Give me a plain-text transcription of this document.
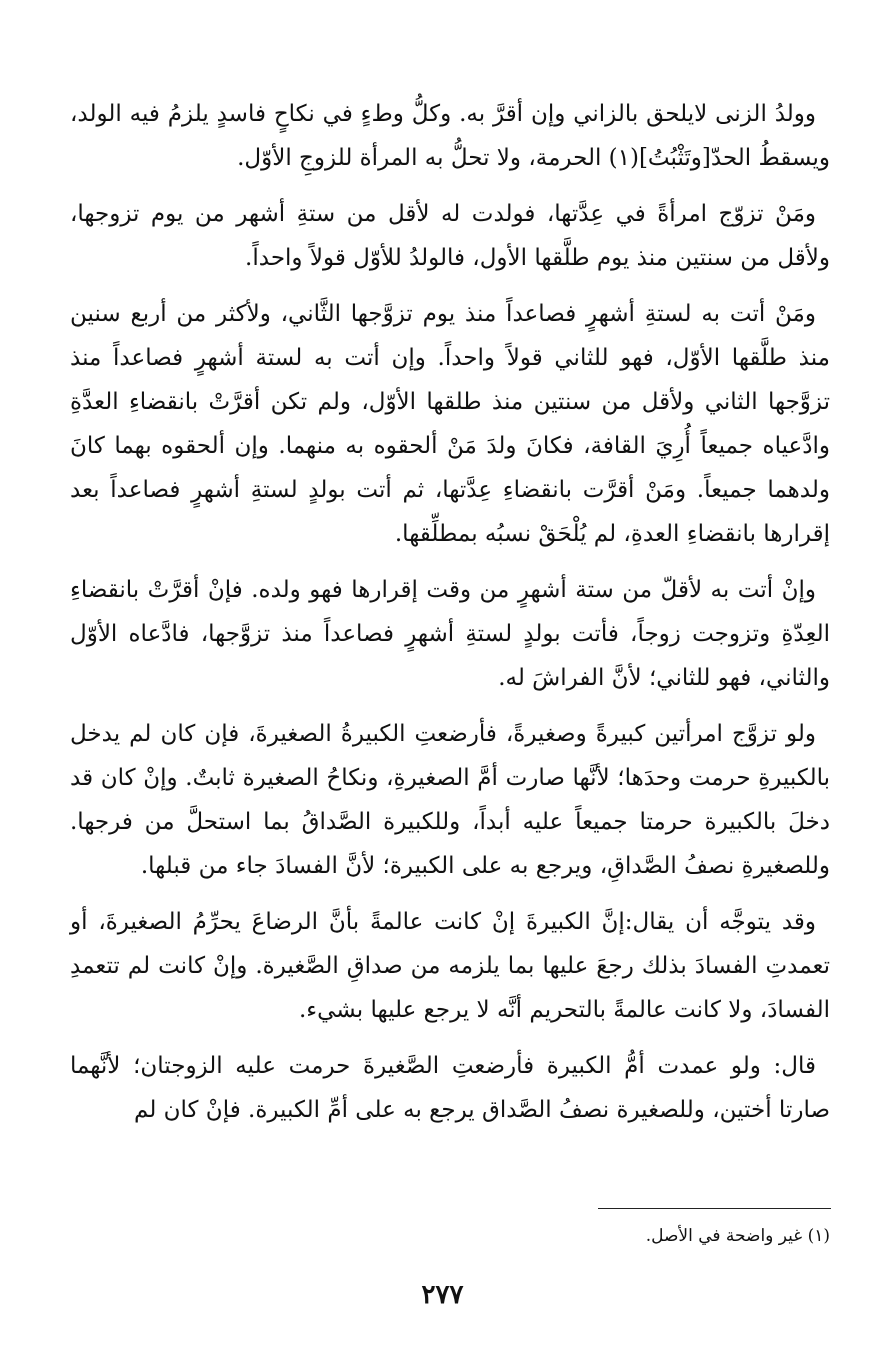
وولدُ الزنى لايلحق بالزاني وإن أقرَّ به. وكلُّ وطءٍ في نكاحٍ فاسدٍ يلزمُ فيه الولد، ويسقطُ الحدّ[وتَثْبُتُ](١) الحرمة، ولا تحلُّ به المرأة للزوجِ الأوّل.

ومَنْ تزوّج امرأةً في عِدَّتها، فولدت له لأقل من ستةِ أشهر من يوم تزوجها، ولأقل من سنتين منذ يوم طلَّقها الأول، فالولدُ للأوّل قولاً واحداً.

ومَنْ أتت به لستةِ أشهرٍ فصاعداً منذ يوم تزوَّجها الثَّاني، ولأكثر من أربع سنين منذ طلَّقها الأوّل، فهو للثاني قولاً واحداً. وإن أتت به لستة أشهرٍ فصاعداً منذ تزوَّجها الثاني ولأقل من سنتين منذ طلقها الأوّل، ولم تكن أقرَّتْ بانقضاءِ العدَّةِ وادَّعياه جميعاً أُرِيَ القافة، فكانَ ولدَ مَنْ ألحقوه به منهما. وإن ألحقوه بهما كانَ ولدهما جميعاً. ومَنْ أقرَّت بانقضاءِ عِدَّتها، ثم أتت بولدٍ لستةِ أشهرٍ فصاعداً بعد إقرارها بانقضاءِ العدةِ، لم يُلْحَقْ نسبُه بمطلِّقها.

وإنْ أتت به لأقلّ من ستة أشهرٍ من وقت إقرارها فهو ولده. فإنْ أقرَّتْ بانقضاءِ العِدّةِ وتزوجت زوجاً، فأتت بولدٍ لستةِ أشهرٍ فصاعداً منذ تزوَّجها، فادَّعاه الأوّل والثاني، فهو للثاني؛ لأنَّ الفراشَ له.

ولو تزوَّج امرأتين كبيرةً وصغيرةً، فأرضعتِ الكبيرةُ الصغيرةَ، فإن كان لم يدخل بالكبيرةِ حرمت وحدَها؛ لأنَّها صارت أمَّ الصغيرةِ، ونكاحُ الصغيرة ثابتٌ. وإنْ كان قد دخلَ بالكبيرة حرمتا جميعاً عليه أبداً، وللكبيرة الصَّداقُ بما استحلَّ من فرجها. وللصغيرةِ نصفُ الصَّداقِ، ويرجع به على الكبيرة؛ لأنَّ الفسادَ جاء من قبلها.

وقد يتوجَّه أن يقال:إنَّ الكبيرةَ إنْ كانت عالمةً بأنَّ الرضاعَ يحرِّمُ الصغيرةَ، أو تعمدتِ الفسادَ بذلك رجعَ عليها بما يلزمه من صداقِ الصَّغيرة. وإنْ كانت لم تتعمدِ الفسادَ، ولا كانت عالمةً بالتحريم أنَّه لا يرجع عليها بشيء.

قال: ولو عمدت أمُّ الكبيرة فأرضعتِ الصَّغيرةَ حرمت عليه الزوجتان؛ لأنَّهما صارتا أختين، وللصغيرة نصفُ الصَّداق يرجع به على أمِّ الكبيرة. فإنْ كان لم

(١) غير واضحة في الأصل.
٢٧٧
